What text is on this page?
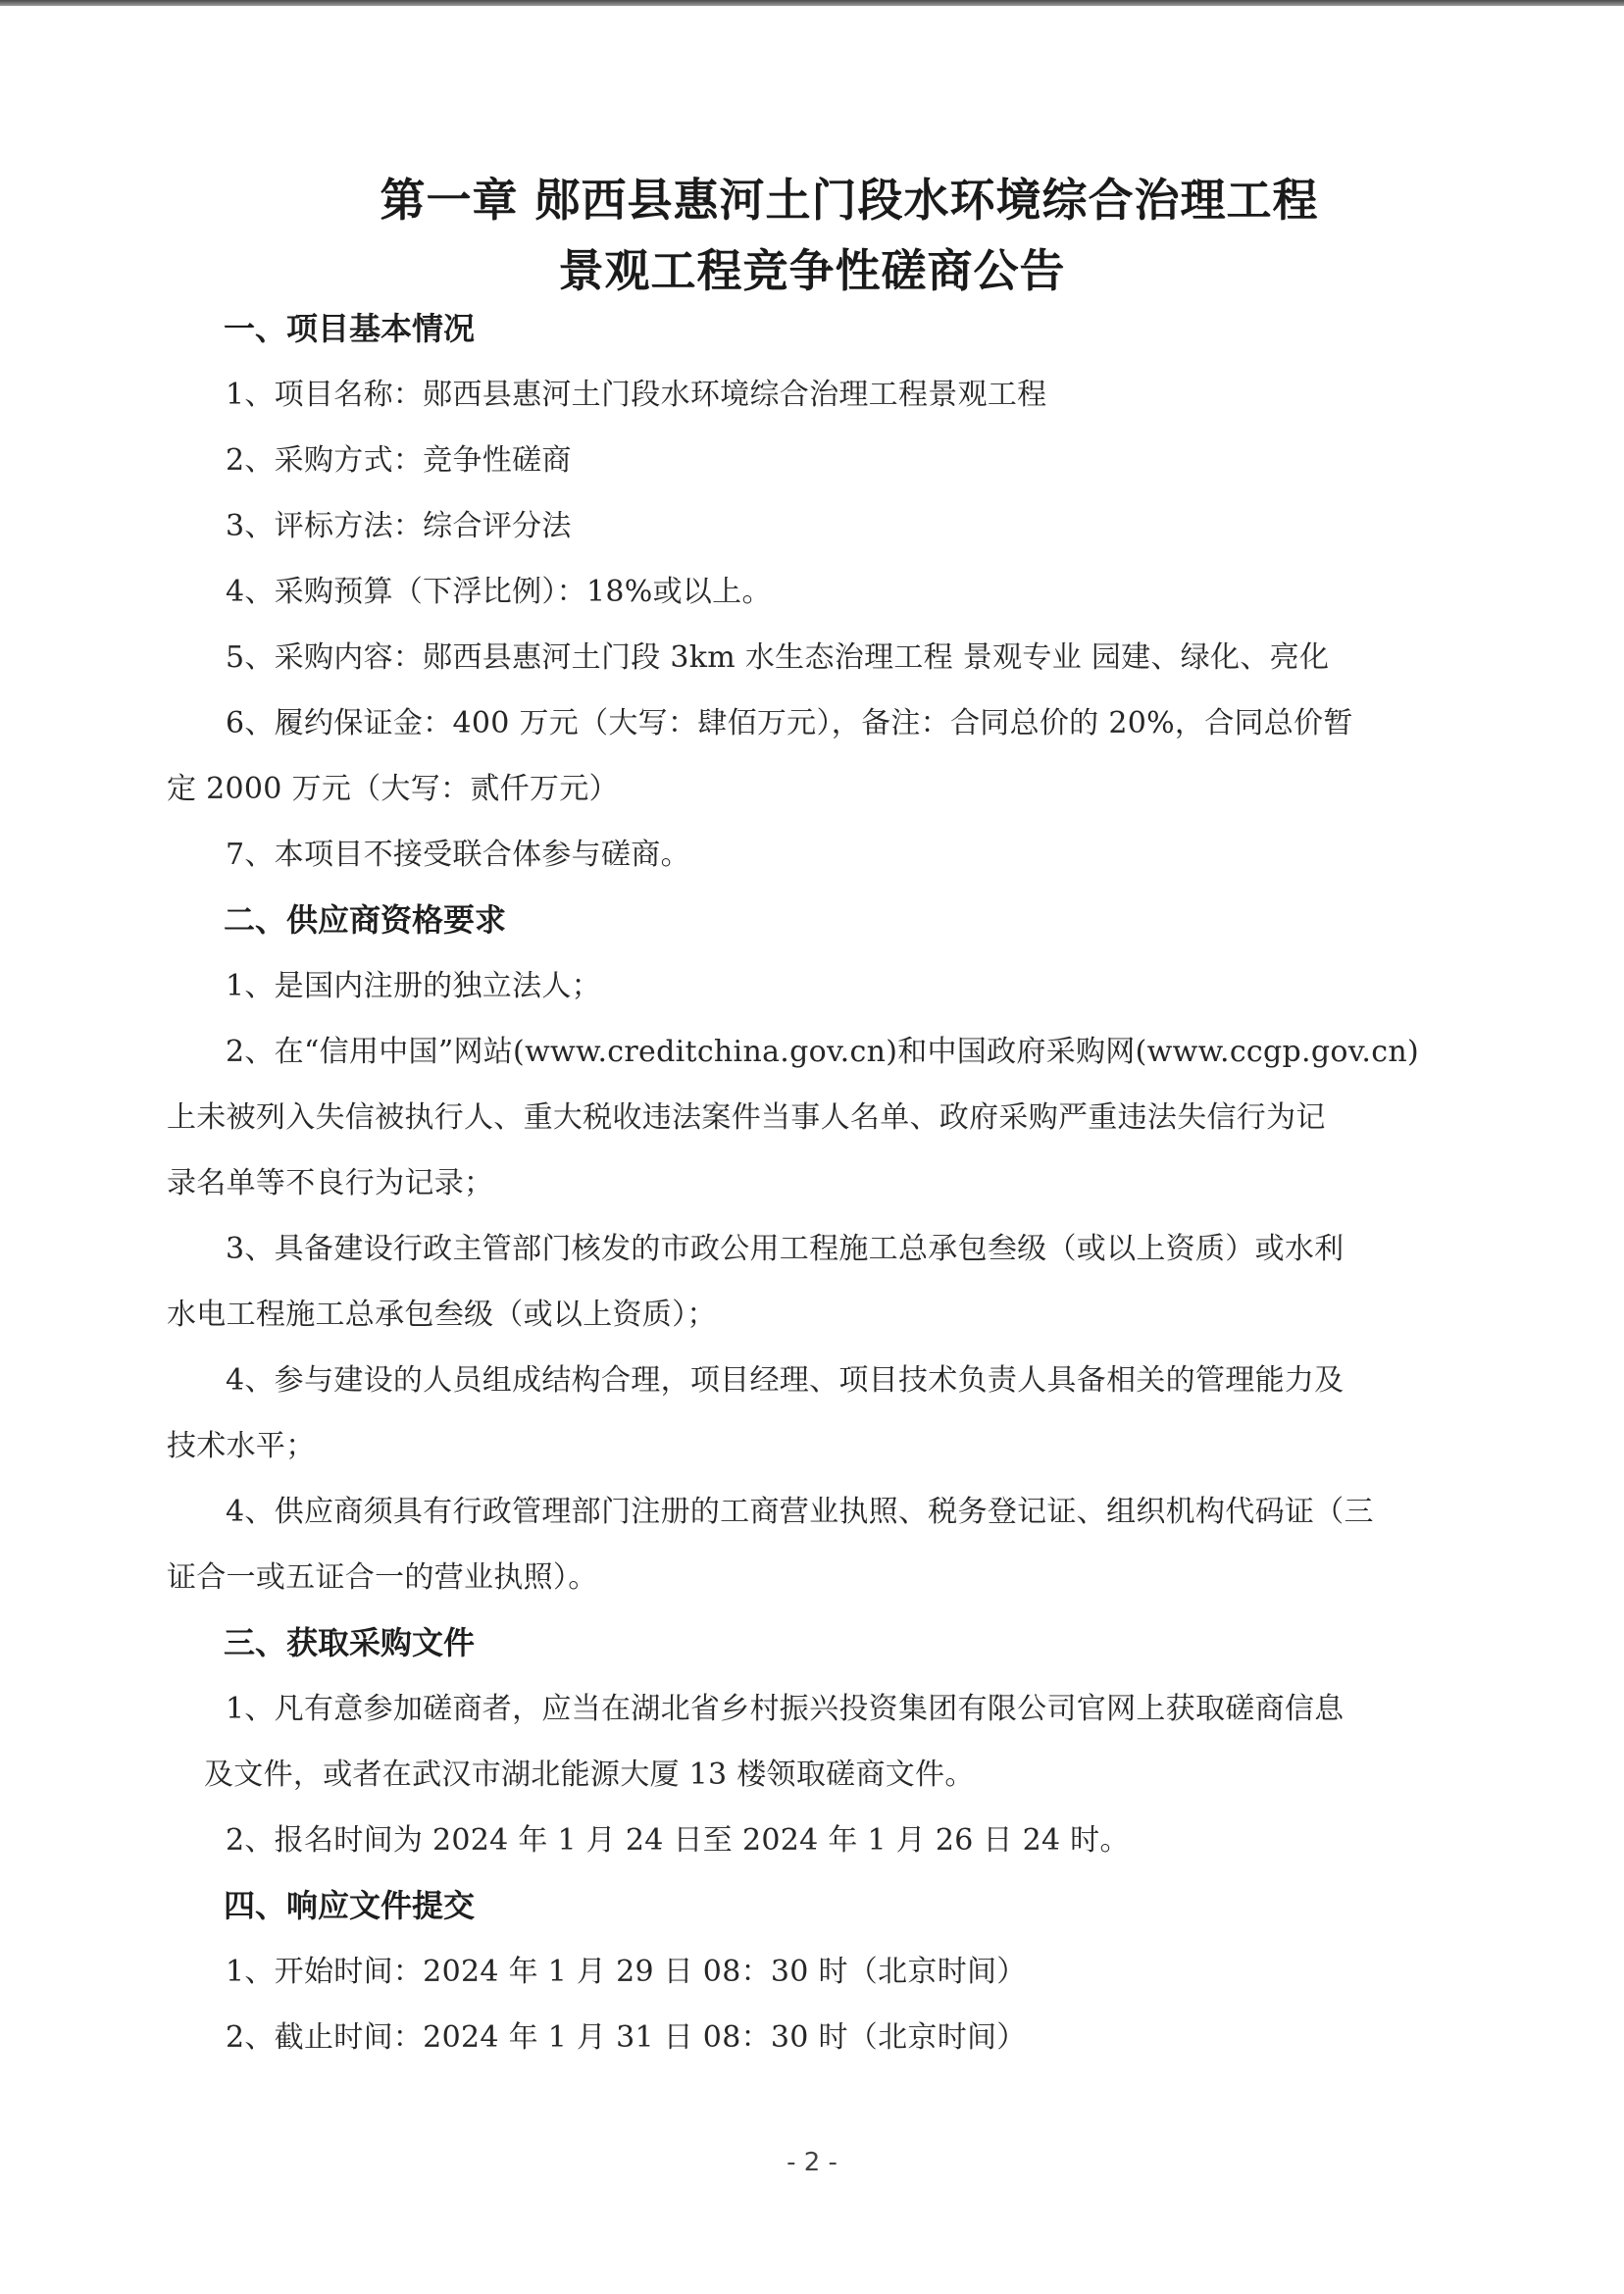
第一章 郧西县惠河土门段水环境综合治理工程
景观工程竞争性磋商公告
一、项目基本情况
1、项目名称：郧西县惠河土门段水环境综合治理工程景观工程
2、采购方式：竞争性磋商
3、评标方法：综合评分法
4、采购预算（下浮比例）：18%或以上。
5、采购内容：郧西县惠河土门段 3km 水生态治理工程 景观专业 园建、绿化、亮化
6、履约保证金：400 万元（大写：肆佰万元），备注：合同总价的 20%，合同总价暂
定 2000 万元（大写：贰仟万元）
7、本项目不接受联合体参与磋商。
二、供应商资格要求
1、是国内注册的独立法人；
2、在“信用中国”网站(www.creditchina.gov.cn)和中国政府采购网(www.ccgp.gov.cn)
上未被列入失信被执行人、重大税收违法案件当事人名单、政府采购严重违法失信行为记
录名单等不良行为记录；
3、具备建设行政主管部门核发的市政公用工程施工总承包叁级（或以上资质）或水利
水电工程施工总承包叁级（或以上资质）；
4、参与建设的人员组成结构合理，项目经理、项目技术负责人具备相关的管理能力及
技术水平；
4、供应商须具有行政管理部门注册的工商营业执照、税务登记证、组织机构代码证（三
证合一或五证合一的营业执照）。
三、获取采购文件
1、凡有意参加磋商者，应当在湖北省乡村振兴投资集团有限公司官网上获取磋商信息
及文件，或者在武汉市湖北能源大厦 13 楼领取磋商文件。
2、报名时间为 2024 年 1 月 24 日至 2024 年 1 月 26 日 24 时。
四、响应文件提交
1、开始时间：2024 年 1 月 29 日 08：30 时（北京时间）
2、截止时间：2024 年 1 月 31 日 08：30 时（北京时间）
- 2 -
